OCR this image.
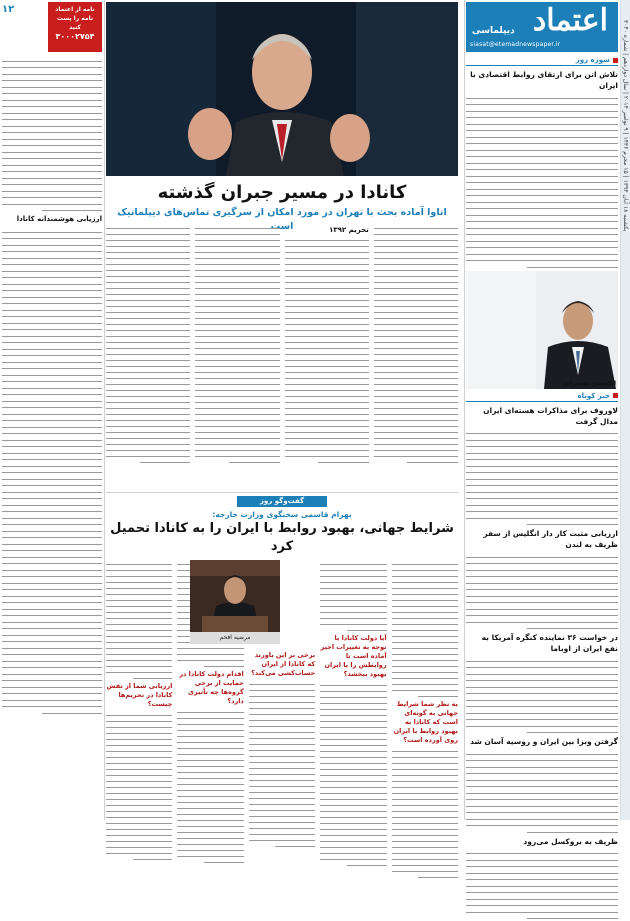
یکشنبه ۱۸ آبان ۱۳۹۳ | ۱۵ محرم ۱۴۳۶ | ۹ نوامبر ۲۰۱۴ | سال دوازدهم | شماره ۳۰۴۰
۱۲	اعتماد
دیپلماسی
siasat@etemadnewspaper.ir
سوژه روز
تلاش اتن برای ارتقای روابط اقتصادی با ایران
الکسیس تسیپراس
خبر کوتاه
لاوروف برای مذاکرات هسته‌ای ایران مدال گرفت
ارزیابی مثبت کار دار انگلیس از سفر ظریف به لندن
در خواست ۳۶ نماینده کنگره آمریکا به نفع ایران از اوباما
گرفتن وبزا بین ایران و روسیه آسان شد
ظریف به بروکسل می‌رود
کانادا در مسیر جبران گذشته
اتاوا آماده بحث با تهران در مورد امکان از سرگیری تماس‌های دیپلماتیک است	تحریم ۱۳۹۲
نامه از اعتماد
نامه را پست کنید
۳۰۰۰۲۷۵۴
ارزیابی هوشمندانه کانادا
گفت‌وگو روز
بهرام قاسمی سخنگوی وزارت خارجه:
شرایط جهانی، بهبود روابط با ایران را به کانادا تحمیل کرد
به نظر شما شرایط جهانی به گونه‌ای است که کانادا به بهبود روابط با ایران روی آورده است؟
آیا دولت کانادا با توجه به تغییرات اخیر آماده است تا روابطش را با ایران بهبود ببخشد؟
برخی بر این باورند که کانادا از ایران حساب‌کشی می‌کند؟
اقدام دولت کانادا در حمایت از برخی گروه‌ها چه تأثیری دارد؟
ارزیابی شما از نقش کانادا در تحریم‌ها چیست؟
مرضیه افخم
